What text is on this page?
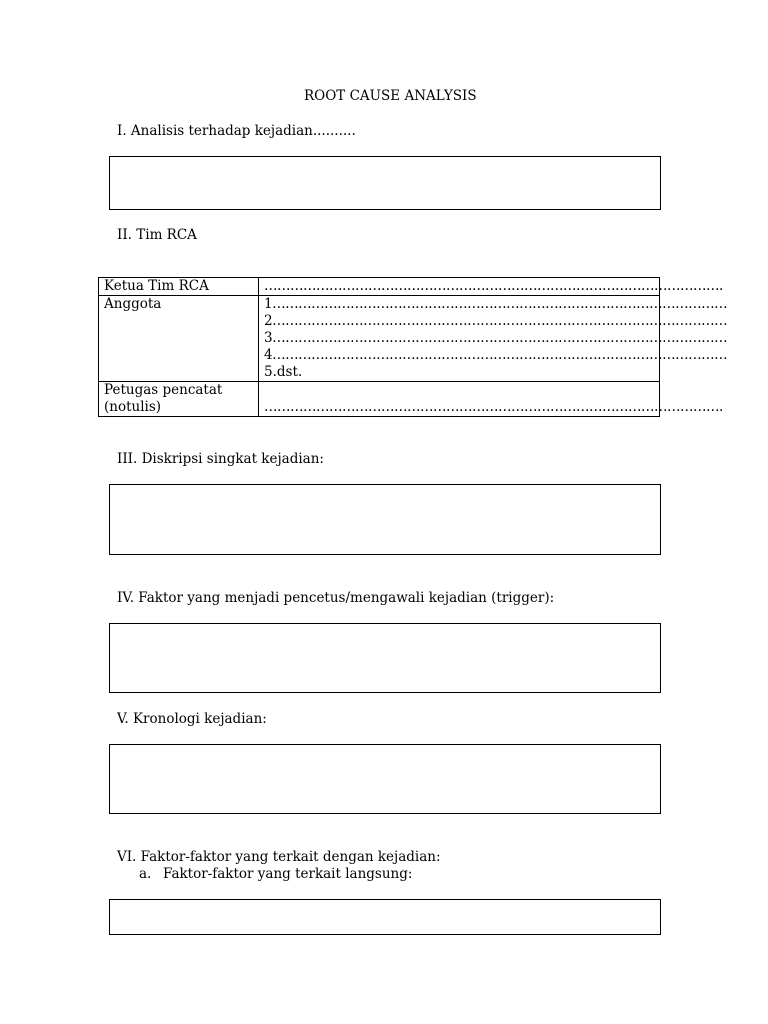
ROOT CAUSE ANALYSIS
I. Analisis terhadap kejadian..........
II. Tim RCA
Ketua Tim RCA	…………………………………………………………………………………………….
Anggota	1……………………………………………………………………………………………
2……………………………………………………………………………………………
3……………………………………………………………………………………………
4……………………………………………………………………………………………
5.dst.

Petugas pencatat
(notulis)	…………………………………………………………………………………………….
III. Diskripsi singkat kejadian:
IV. Faktor yang menjadi pencetus/mengawali kejadian (trigger):
V. Kronologi kejadian:
VI. Faktor-faktor yang terkait dengan kejadian:
a. Faktor-faktor yang terkait langsung:
